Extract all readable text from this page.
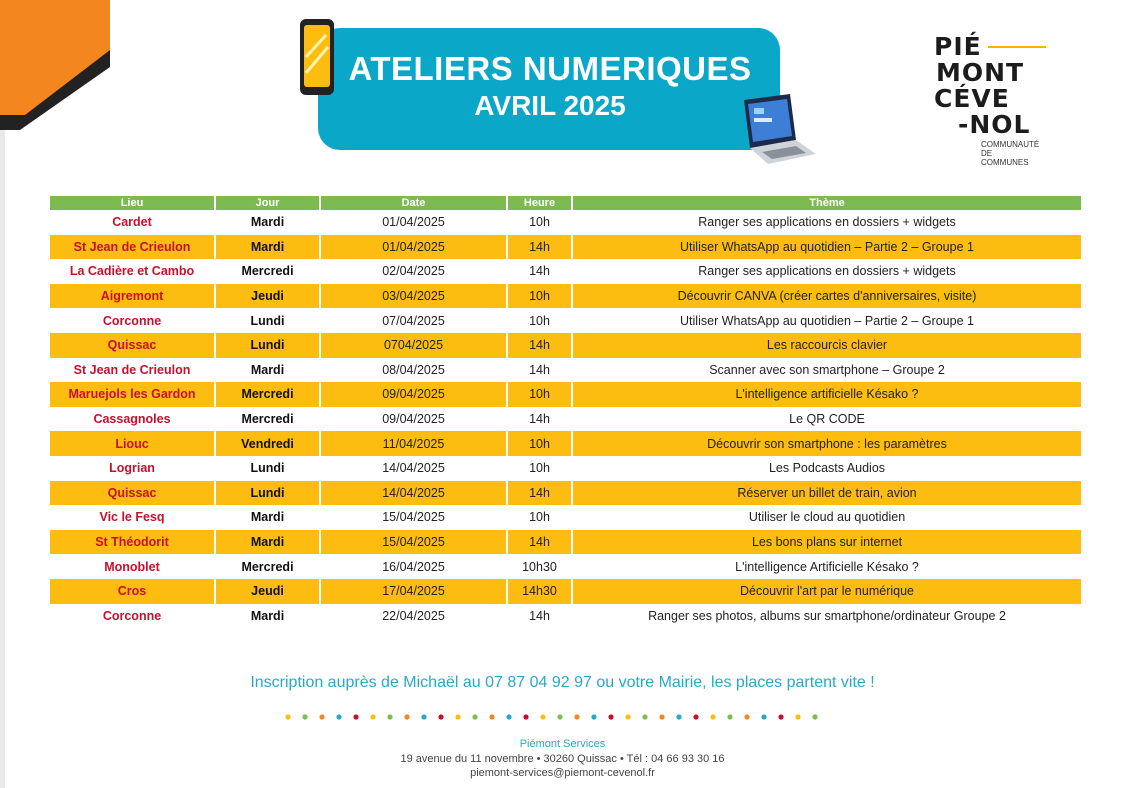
ATELIERS NUMERIQUES
AVRIL 2025
PIÉ
MONT
CÉVE
-NOL
COMMUNAUTÉ
DE
COMMUNES
Lieu	Jour	Date	Heure	Thème
Cardet	Mardi	01/04/2025	10h	Ranger ses applications en dossiers + widgets
St Jean de Crieulon	Mardi	01/04/2025	14h	Utiliser WhatsApp au quotidien – Partie 2 – Groupe 1
La Cadière et Cambo	Mercredi	02/04/2025	14h	Ranger ses applications en dossiers + widgets
Aigremont	Jeudi	03/04/2025	10h	Découvrir CANVA (créer cartes d'anniversaires, visite)
Corconne	Lundi	07/04/2025	10h	Utiliser WhatsApp au quotidien – Partie 2 – Groupe 1
Quissac	Lundi	0704/2025	14h	Les raccourcis clavier
St Jean de Crieulon	Mardi	08/04/2025	14h	Scanner avec son smartphone – Groupe 2
Maruejols les Gardon	Mercredi	09/04/2025	10h	L'intelligence artificielle Késako ?
Cassagnoles	Mercredi	09/04/2025	14h	Le QR CODE
Liouc	Vendredi	11/04/2025	10h	Découvrir son smartphone : les paramètres
Logrian	Lundi	14/04/2025	10h	Les Podcasts Audios
Quissac	Lundi	14/04/2025	14h	Réserver un billet de train, avion
Vic le Fesq	Mardi	15/04/2025	10h	Utiliser le cloud au quotidien
St Théodorit	Mardi	15/04/2025	14h	Les bons plans sur internet
Monoblet	Mercredi	16/04/2025	10h30	L'intelligence Artificielle Késako ?
Cros	Jeudi	17/04/2025	14h30	Découvrir l'art par le numérique
Corconne	Mardi	22/04/2025	14h	Ranger ses photos, albums sur smartphone/ordinateur Groupe 2
Inscription auprès de Michaël au 07 87 04 92 97 ou votre Mairie, les places partent vite !
Piémont Services
19 avenue du 11 novembre • 30260 Quissac • Tél : 04 66 93 30 16
piemont-services@piemont-cevenol.fr
